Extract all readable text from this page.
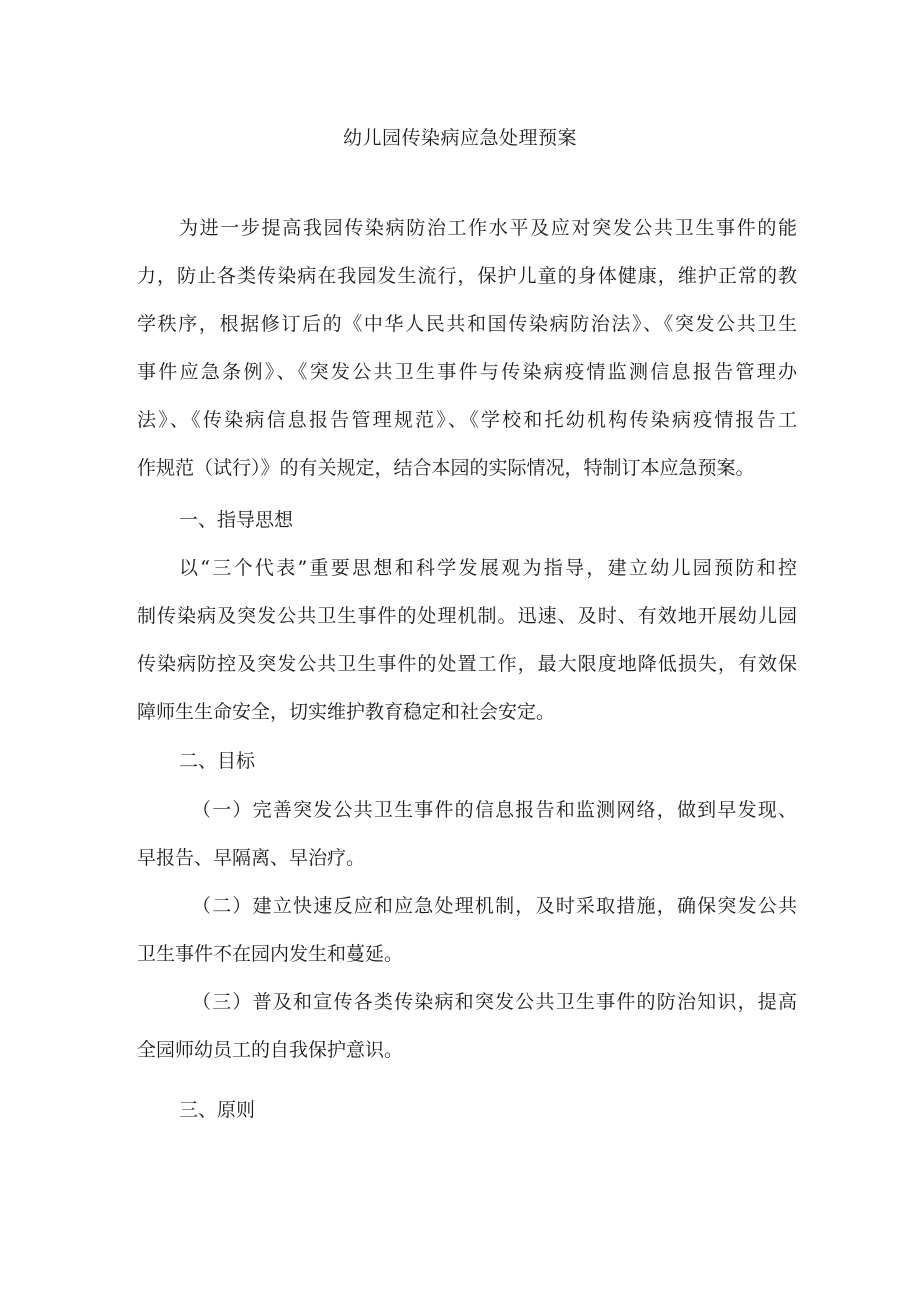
幼儿园传染病应急处理预案
为进一步提高我园传染病防治工作水平及应对突发公共卫生事件的能
力，防止各类传染病在我园发生流行，保护儿童的身体健康，维护正常的教
学秩序，根据修订后的《中华人民共和国传染病防治法》、《突发公共卫生
事件应急条例》、《突发公共卫生事件与传染病疫情监测信息报告管理办
法》、《传染病信息报告管理规范》、《学校和托幼机构传染病疫情报告工
作规范（试行）》的有关规定，结合本园的实际情况，特制订本应急预案。
一、指导思想
以“三个代表”重要思想和科学发展观为指导，建立幼儿园预防和控
制传染病及突发公共卫生事件的处理机制。迅速、及时、有效地开展幼儿园
传染病防控及突发公共卫生事件的处置工作，最大限度地降低损失，有效保
障师生生命安全，切实维护教育稳定和社会安定。
二、目标
（一）完善突发公共卫生事件的信息报告和监测网络，做到早发现、
早报告、早隔离、早治疗。
（二）建立快速反应和应急处理机制，及时采取措施，确保突发公共
卫生事件不在园内发生和蔓延。
（三）普及和宣传各类传染病和突发公共卫生事件的防治知识，提高
全园师幼员工的自我保护意识。
三、原则
